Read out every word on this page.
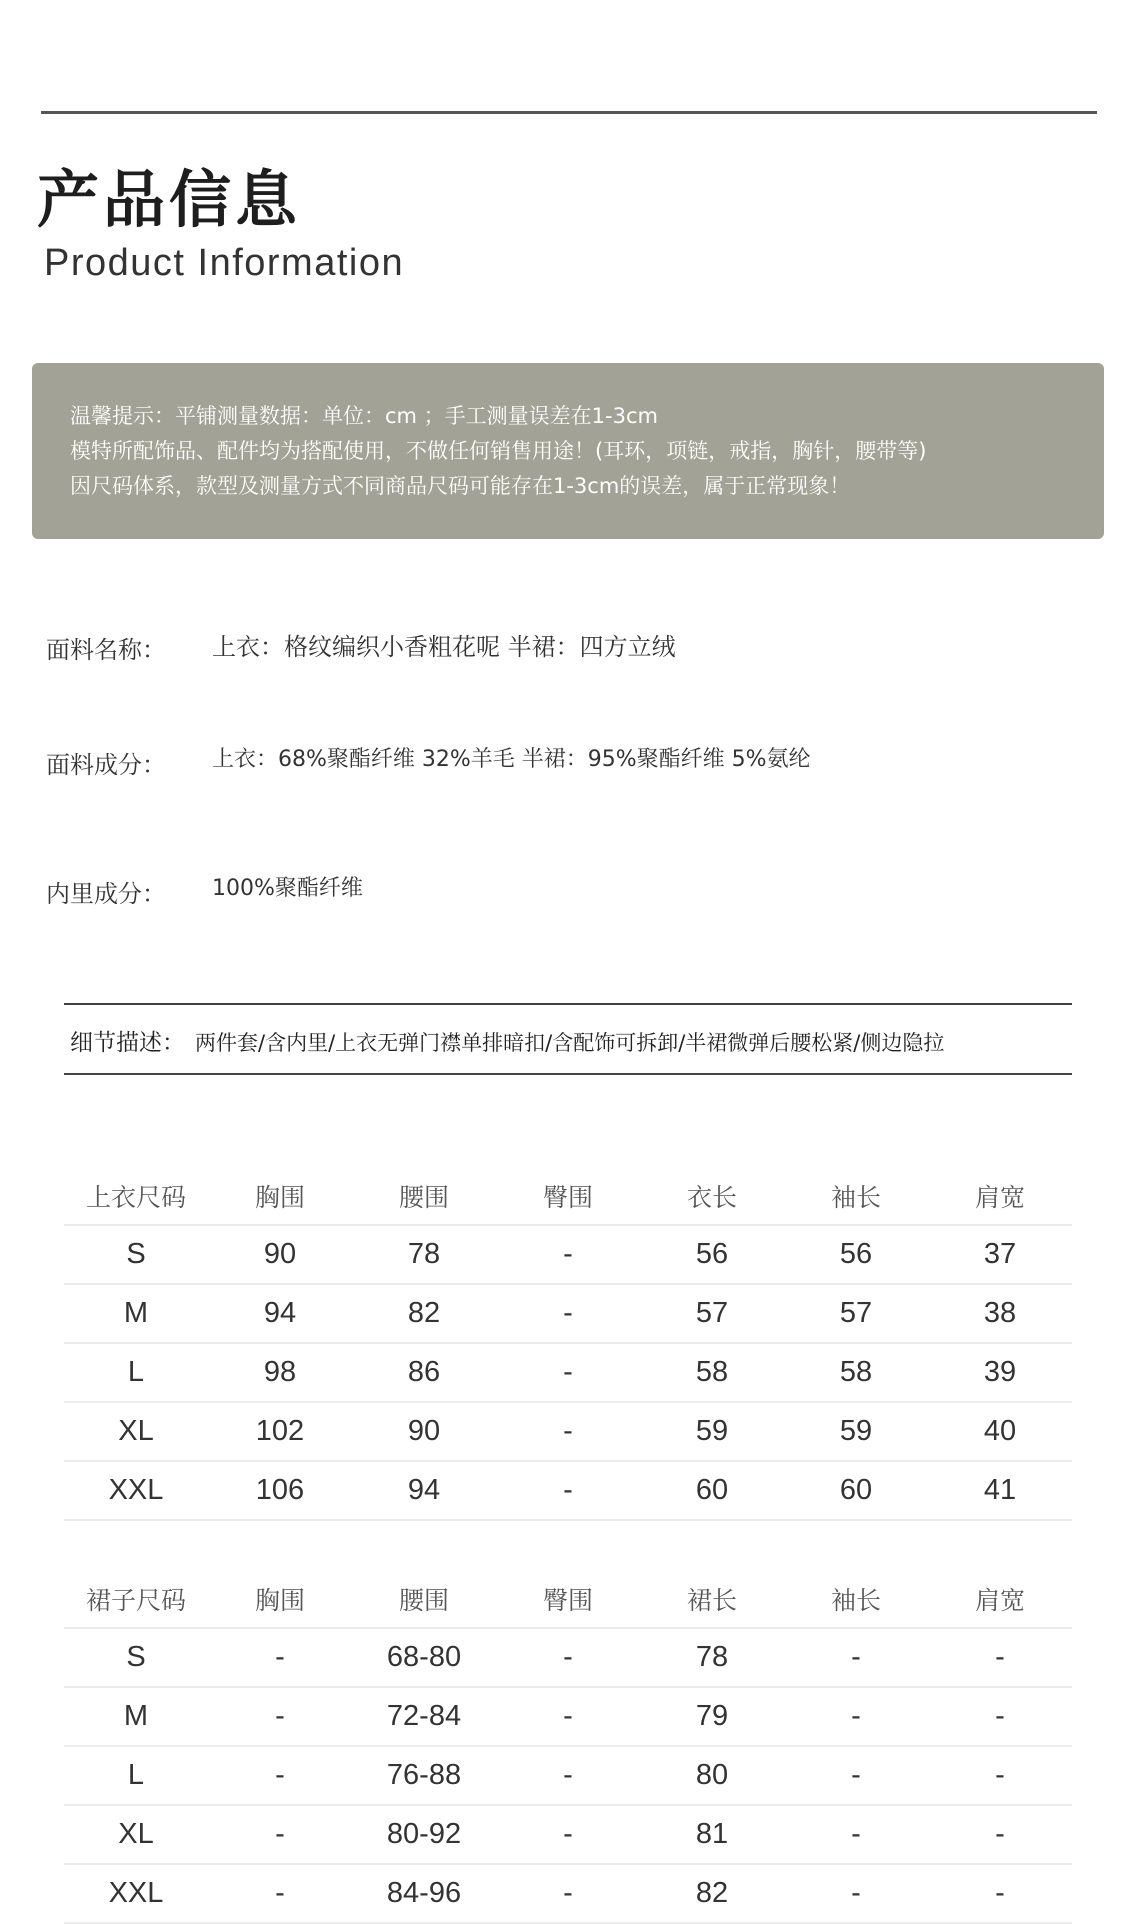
产品信息
Product Information
温馨提示：平铺测量数据：单位：cm ；手工测量误差在1-3cm
模特所配饰品、配件均为搭配使用，不做任何销售用途！(耳环，项链，戒指，胸针，腰带等)
因尺码体系，款型及测量方式不同商品尺码可能存在1-3cm的误差，属于正常现象！
面料名称： 上衣：格纹编织小香粗花呢 半裙：四方立绒
面料成分： 上衣：68%聚酯纤维 32%羊毛 半裙：95%聚酯纤维 5%氨纶
内里成分： 100%聚酯纤维
细节描述： 两件套/含内里/上衣无弹门襟单排暗扣/含配饰可拆卸/半裙微弹后腰松紧/侧边隐拉
上衣尺码	胸围	腰围	臀围	衣长	袖长	肩宽
S	90	78	-	56	56	37
M	94	82	-	57	57	38
L	98	86	-	58	58	39
XL	102	90	-	59	59	40
XXL	106	94	-	60	60	41
裙子尺码	胸围	腰围	臀围	裙长	袖长	肩宽
S	-	68-80	-	78	-	-
M	-	72-84	-	79	-	-
L	-	76-88	-	80	-	-
XL	-	80-92	-	81	-	-
XXL	-	84-96	-	82	-	-
